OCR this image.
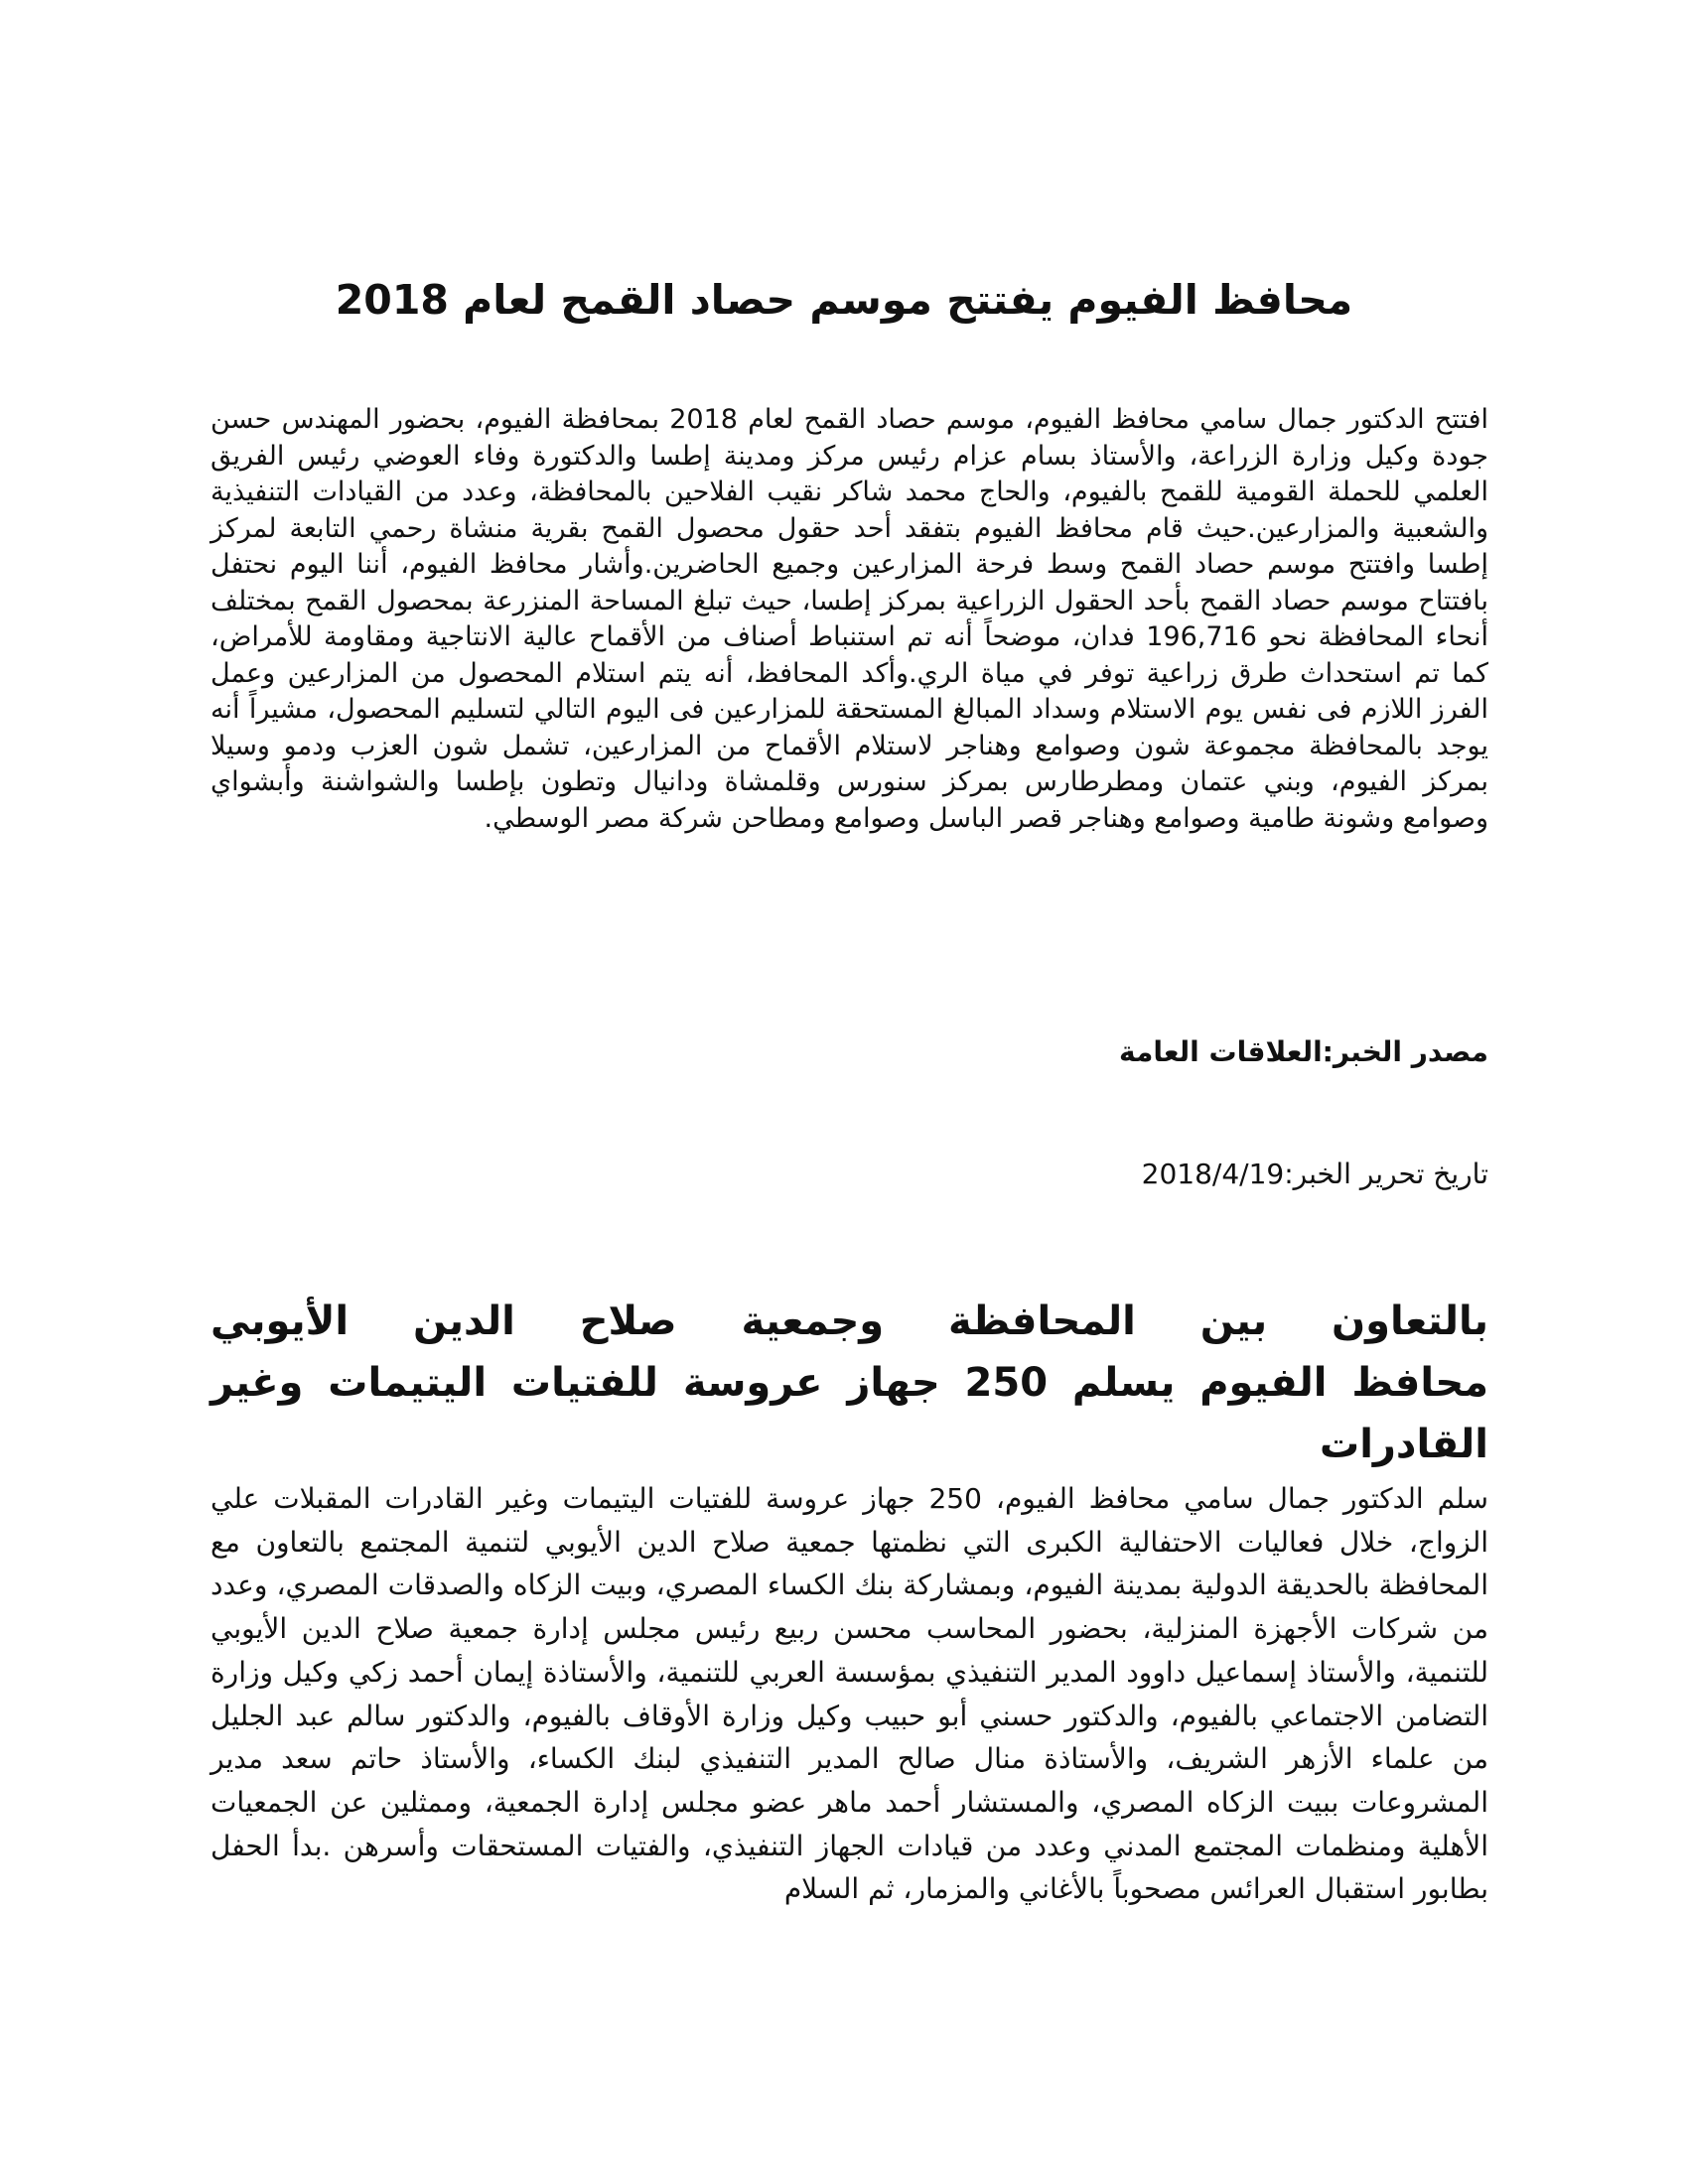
محافظ الفيوم يفتتح موسم حصاد القمح لعام 2018

افتتح الدكتور جمال سامي محافظ الفيوم، موسم حصاد القمح لعام 2018 بمحافظة الفيوم، بحضور المهندس حسن جودة وكيل وزارة الزراعة، والأستاذ بسام عزام رئيس مركز ومدينة إطسا والدكتورة وفاء العوضي رئيس الفريق العلمي للحملة القومية للقمح بالفيوم، والحاج محمد شاكر نقيب الفلاحين بالمحافظة، وعدد من القيادات التنفيذية والشعبية والمزارعين.حيث قام محافظ الفيوم بتفقد أحد حقول محصول القمح بقرية منشاة رحمي التابعة لمركز إطسا وافتتح موسم حصاد القمح وسط فرحة المزارعين وجميع الحاضرين.وأشار محافظ الفيوم، أننا اليوم نحتفل بافتتاح موسم حصاد القمح بأحد الحقول الزراعية بمركز إطسا، حيث تبلغ المساحة المنزرعة بمحصول القمح بمختلف أنحاء المحافظة نحو 196,716 فدان، موضحاً أنه تم استنباط أصناف من الأقماح عالية الانتاجية ومقاومة للأمراض، كما تم استحداث طرق زراعية توفر في مياة الري.وأكد المحافظ، أنه يتم استلام المحصول من المزارعين وعمل الفرز اللازم فى نفس يوم الاستلام وسداد المبالغ المستحقة للمزارعين فى اليوم التالي لتسليم المحصول، مشيراً أنه يوجد بالمحافظة مجموعة شون وصوامع وهناجر لاستلام الأقماح من المزارعين، تشمل شون العزب ودمو وسيلا بمركز الفيوم، وبني عتمان ومطرطارس بمركز سنورس وقلمشاة ودانيال وتطون بإطسا والشواشنة وأبشواي وصوامع وشونة طامية وصوامع وهناجر قصر الباسل وصوامع ومطاحن شركة مصر الوسطي.

مصدر الخبر:العلاقات العامة
تاريخ تحرير الخبر:2018/4/19
بالتعاون بين المحافظة وجمعية صلاح الدين الأيوبي
محافظ الفيوم يسلم 250 جهاز عروسة للفتيات اليتيمات وغير القادرات

سلم الدكتور جمال سامي محافظ الفيوم، 250 جهاز عروسة للفتيات اليتيمات وغير القادرات المقبلات علي الزواج، خلال فعاليات الاحتفالية الكبرى التي نظمتها جمعية صلاح الدين الأيوبي لتنمية المجتمع بالتعاون مع المحافظة بالحديقة الدولية بمدينة الفيوم، وبمشاركة بنك الكساء المصري، وبيت الزكاه والصدقات المصري، وعدد من شركات الأجهزة المنزلية، بحضور المحاسب محسن ربيع رئيس مجلس إدارة جمعية صلاح الدين الأيوبي للتنمية، والأستاذ إسماعيل داوود المدير التنفيذي بمؤسسة العربي للتنمية، والأستاذة إيمان أحمد زكي وكيل وزارة التضامن الاجتماعي بالفيوم، والدكتور حسني أبو حبيب وكيل وزارة الأوقاف بالفيوم، والدكتور سالم عبد الجليل من علماء الأزهر الشريف، والأستاذة منال صالح المدير التنفيذي لبنك الكساء، والأستاذ حاتم سعد مدير المشروعات ببيت الزكاه المصري، والمستشار أحمد ماهر عضو مجلس إدارة الجمعية، وممثلين عن الجمعيات الأهلية ومنظمات المجتمع المدني وعدد من قيادات الجهاز التنفيذي، والفتيات المستحقات وأسرهن .بدأ الحفل بطابور استقبال العرائس مصحوباً بالأغاني والمزمار، ثم السلام
